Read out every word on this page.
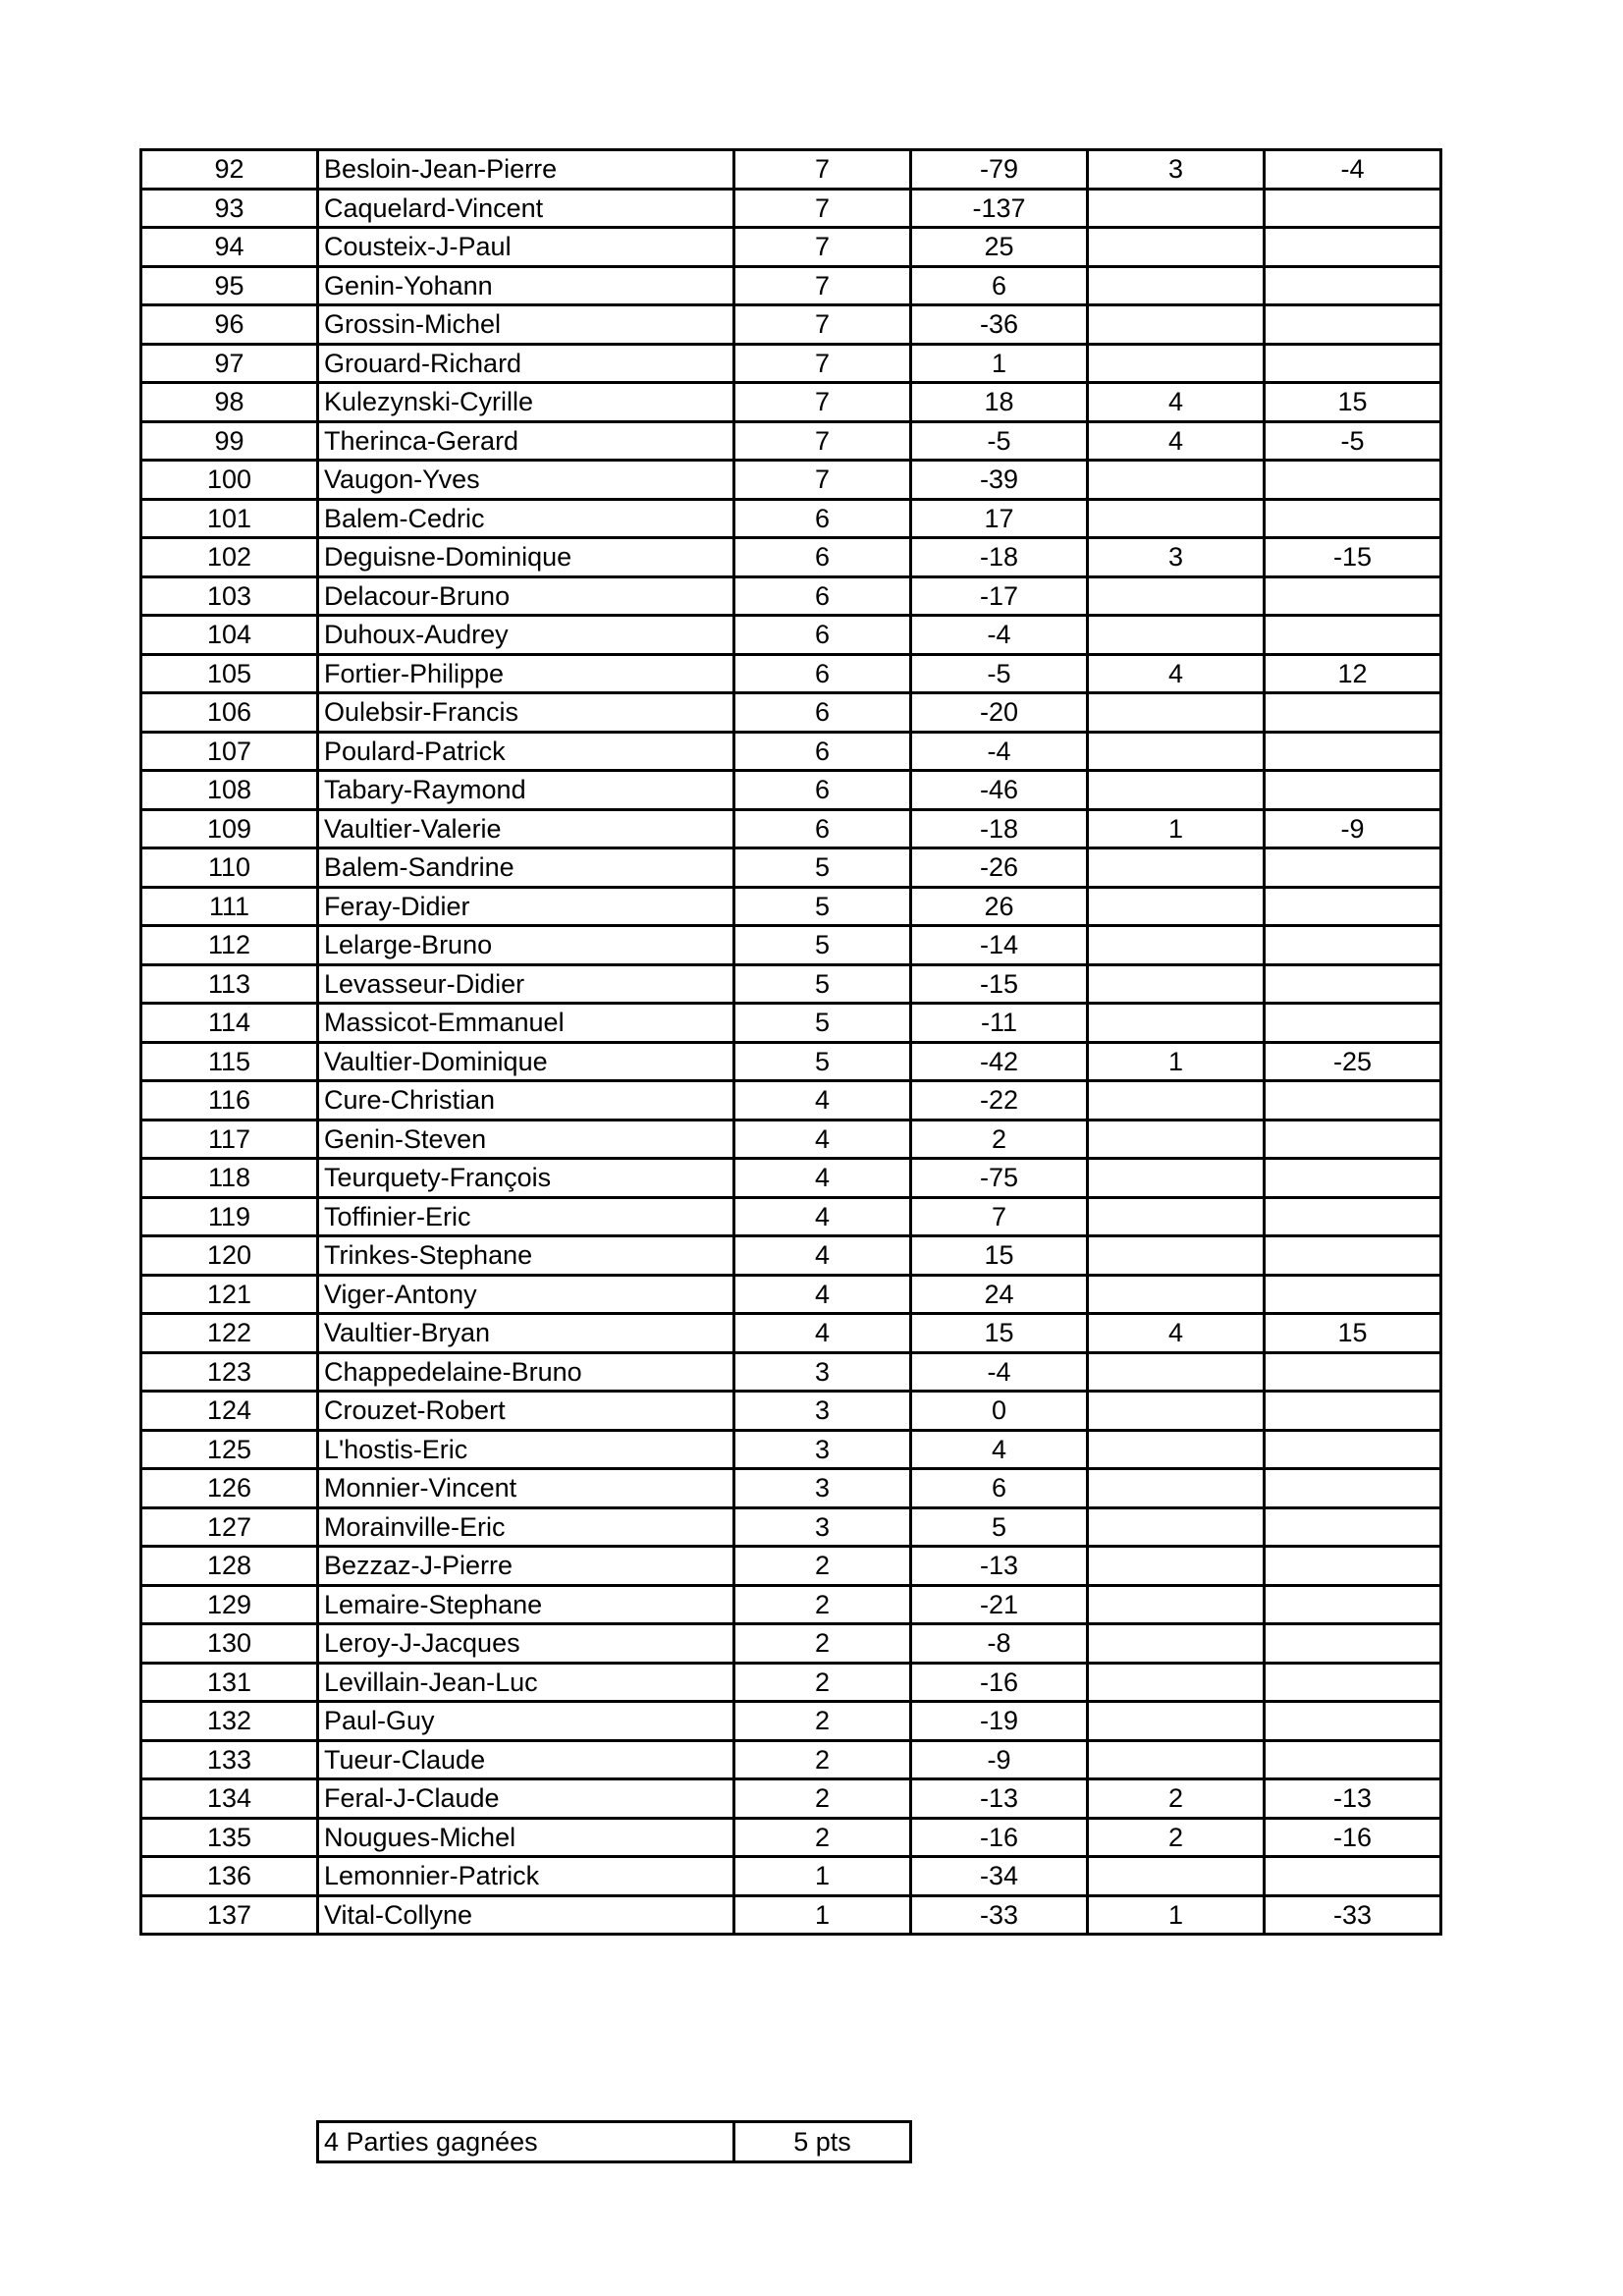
92	Besloin-Jean-Pierre	7	-79	3	-4
93	Caquelard-Vincent	7	-137		
94	Cousteix-J-Paul	7	25		
95	Genin-Yohann	7	6		
96	Grossin-Michel	7	-36		
97	Grouard-Richard	7	1		
98	Kulezynski-Cyrille	7	18	4	15
99	Therinca-Gerard	7	-5	4	-5
100	Vaugon-Yves	7	-39		
101	Balem-Cedric	6	17		
102	Deguisne-Dominique	6	-18	3	-15
103	Delacour-Bruno	6	-17		
104	Duhoux-Audrey	6	-4		
105	Fortier-Philippe	6	-5	4	12
106	Oulebsir-Francis	6	-20		
107	Poulard-Patrick	6	-4		
108	Tabary-Raymond	6	-46		
109	Vaultier-Valerie	6	-18	1	-9
110	Balem-Sandrine	5	-26		
111	Feray-Didier	5	26		
112	Lelarge-Bruno	5	-14		
113	Levasseur-Didier	5	-15		
114	Massicot-Emmanuel	5	-11		
115	Vaultier-Dominique	5	-42	1	-25
116	Cure-Christian	4	-22		
117	Genin-Steven	4	2		
118	Teurquety-François	4	-75		
119	Toffinier-Eric	4	7		
120	Trinkes-Stephane	4	15		
121	Viger-Antony	4	24		
122	Vaultier-Bryan	4	15	4	15
123	Chappedelaine-Bruno	3	-4		
124	Crouzet-Robert	3	0		
125	L'hostis-Eric	3	4		
126	Monnier-Vincent	3	6		
127	Morainville-Eric	3	5		
128	Bezzaz-J-Pierre	2	-13		
129	Lemaire-Stephane	2	-21		
130	Leroy-J-Jacques	2	-8		
131	Levillain-Jean-Luc	2	-16		
132	Paul-Guy	2	-19		
133	Tueur-Claude	2	-9		
134	Feral-J-Claude	2	-13	2	-13
135	Nougues-Michel	2	-16	2	-16
136	Lemonnier-Patrick	1	-34		
137	Vital-Collyne	1	-33	1	-33
4 Parties gagnées	5 pts
